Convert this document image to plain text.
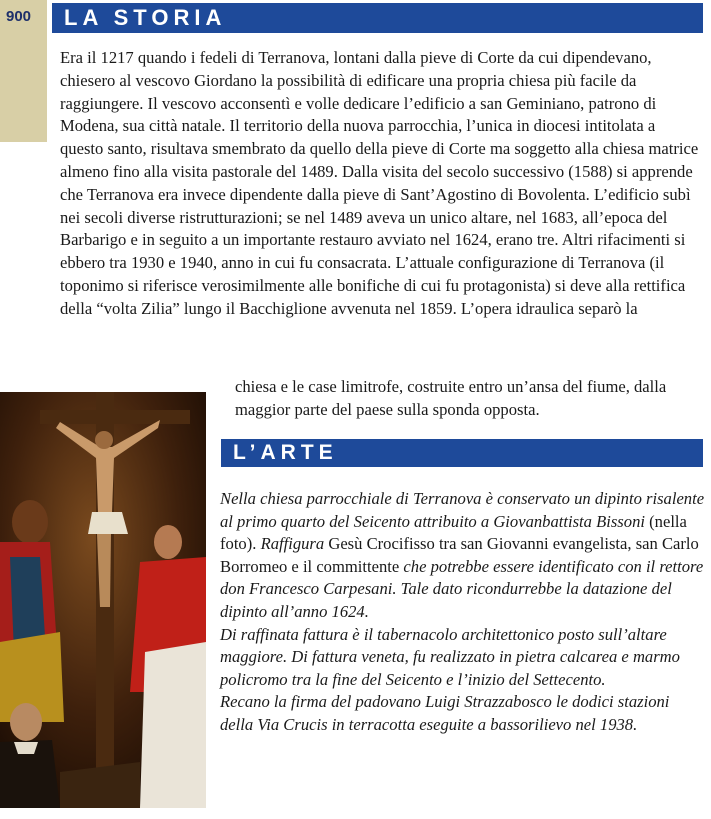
900	LA STORIA

Era il 1217 quando i fedeli di Terranova, lontani dalla pieve di Corte da cui dipendevano, chiesero al vescovo Giordano la possibilità di edificare una propria chiesa più facile da raggiungere. Il vescovo acconsentì e volle dedicare l’edificio a san Geminiano, patrono di Modena, sua città natale. Il territorio della nuova parrocchia, l’unica in diocesi intitolata a questo santo, risultava smembrato da quello della pieve di Corte ma soggetto alla chiesa matrice almeno fino alla visita pastorale del 1489. Dalla visita del secolo successivo (1588) si apprende che Terranova era invece dipendente dalla pieve di Sant’Agostino di Bovolenta. L’edificio subì nei secoli diverse ristrutturazioni; se nel 1489 aveva un unico altare, nel 1683, all’epoca del Barbarigo e in seguito a un importante restauro avviato nel 1624, erano tre. Altri rifacimenti si ebbero tra 1930 e 1940, anno in cui fu consacrata. L’attuale configurazione di Terranova (il toponimo si riferisce verosimilmente alle bonifiche di cui fu protagonista) si deve alla rettifica della “volta Zilia” lungo il Bacchiglione avvenuta nel 1859. L’opera idraulica separò la

chiesa e le case limitrofe, costruite entro un’ansa del fiume, dalla maggior parte del paese sulla sponda opposta.

L’ARTE

Nella chiesa parrocchiale di Terranova è conservato un dipinto risalente al primo quarto del Seicento attribuito a Giovanbattista Bissoni (nella foto). Raffigura Gesù Crocifisso tra san Giovanni evangelista, san Carlo Borromeo e il committente che potrebbe essere identificato con il rettore don Francesco Carpesani. Tale dato ricondurrebbe la datazione del dipinto all’anno 1624.

Di raffinata fattura è il tabernacolo architettonico posto sull’altare maggiore. Di fattura veneta, fu realizzato in pietra calcarea e marmo policromo tra la fine del Seicento e l’inizio del Settecento.

Recano la firma del padovano Luigi Strazzabosco le dodici stazioni della Via Crucis in terracotta eseguite a bassorilievo nel 1938.
